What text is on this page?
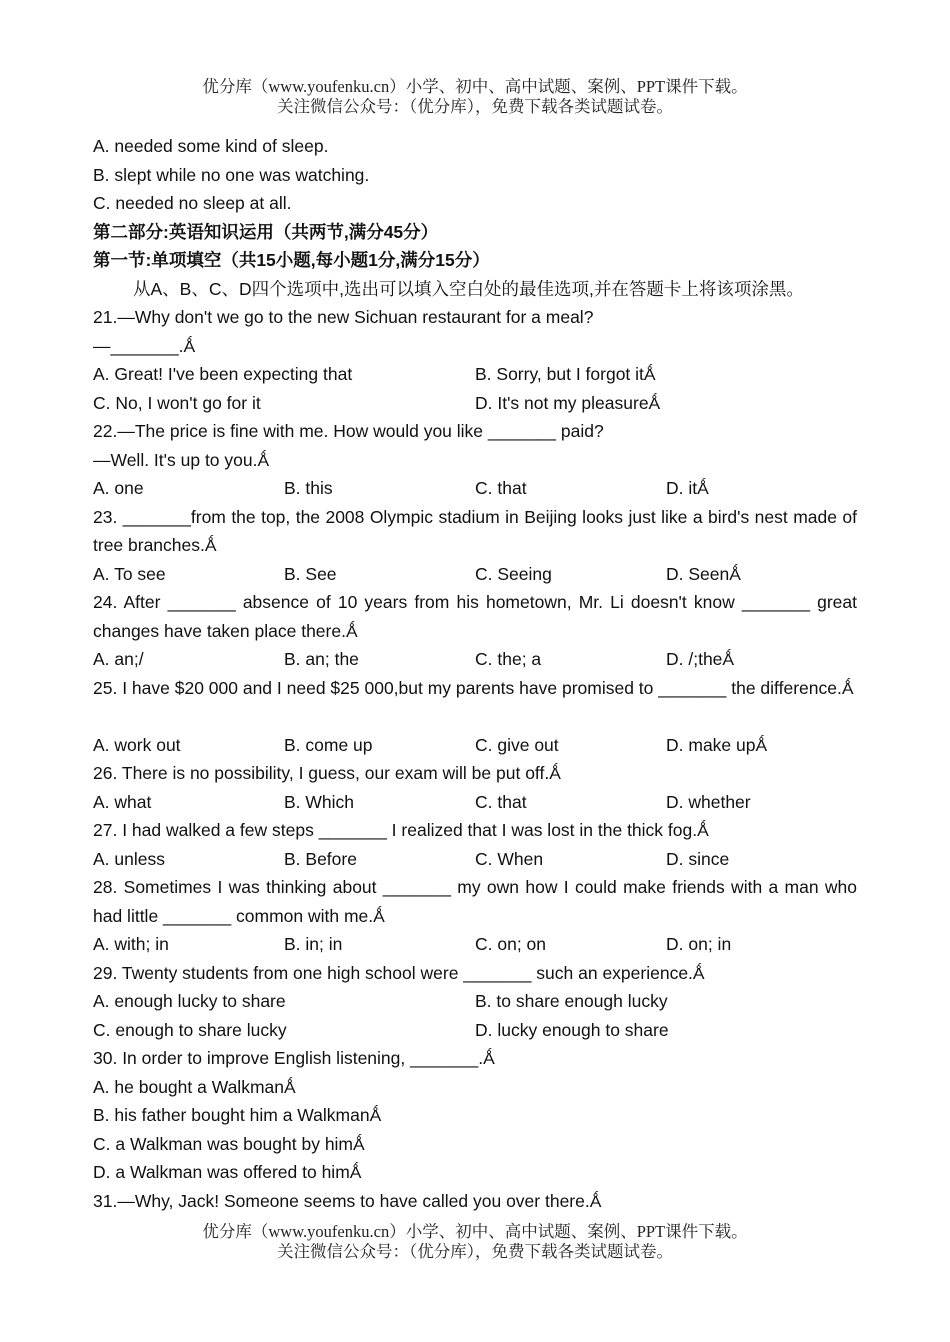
优分库（www.youfenku.cn）小学、初中、高中试题、案例、PPT课件下载。
关注微信公众号：（优分库），免费下载各类试题试卷。
A. needed some kind of sleep.
B. slept while no one was watching.
C. needed no sleep at all.
第二部分:英语知识运用（共两节,满分45分）
第一节:单项填空（共15小题,每小题1分,满分15分）
从A、B、C、D四个选项中,选出可以填入空白处的最佳选项,并在答题卡上将该项涂黑。
21.—Why don't we go to the new Sichuan restaurant for a meal?
—_______.Ǻ
A. Great! I've been expecting that	B. Sorry, but I forgot itǺ
C. No, I won't go for it	D. It's not my pleasureǺ
22.—The price is fine with me. How would you like _______ paid?
—Well. It's up to you.Ǻ
A. one	B. this	C. that	D. itǺ
23. _______from the top, the 2008 Olympic stadium in Beijing looks just like a bird's nest made of tree branches.Ǻ
A. To see	B. See	C. Seeing	D. SeenǺ
24. After _______ absence of 10 years from his hometown, Mr. Li doesn't know _______ great changes have taken place there.Ǻ
A. an;/	B. an; the	C. the; a	D. /;theǺ
25. I have $20 000 and I need $25 000,but my parents have promised to _______ the difference.Ǻ
A. work out	B. come up	C. give out	D. make upǺ
26. There is no possibility, I guess, our exam will be put off.Ǻ
A. what	B. Which	C. that	D. whether
27. I had walked a few steps _______ I realized that I was lost in the thick fog.Ǻ
A. unless	B. Before	C. When	D. since
28. Sometimes I was thinking about _______ my own how I could make friends with a man who had little _______ common with me.Ǻ
A. with; in	B. in; in	C. on; on	D. on; in
29. Twenty students from one high school were _______ such an experience.Ǻ
A. enough lucky to share	B. to share enough lucky
C. enough to share lucky	D. lucky enough to share
30. In order to improve English listening, _______.Ǻ
A. he bought a WalkmanǺ
B. his father bought him a WalkmanǺ
C. a Walkman was bought by himǺ
D. a Walkman was offered to himǺ
31.—Why, Jack! Someone seems to have called you over there.Ǻ
优分库（www.youfenku.cn）小学、初中、高中试题、案例、PPT课件下载。
关注微信公众号：（优分库），免费下载各类试题试卷。
